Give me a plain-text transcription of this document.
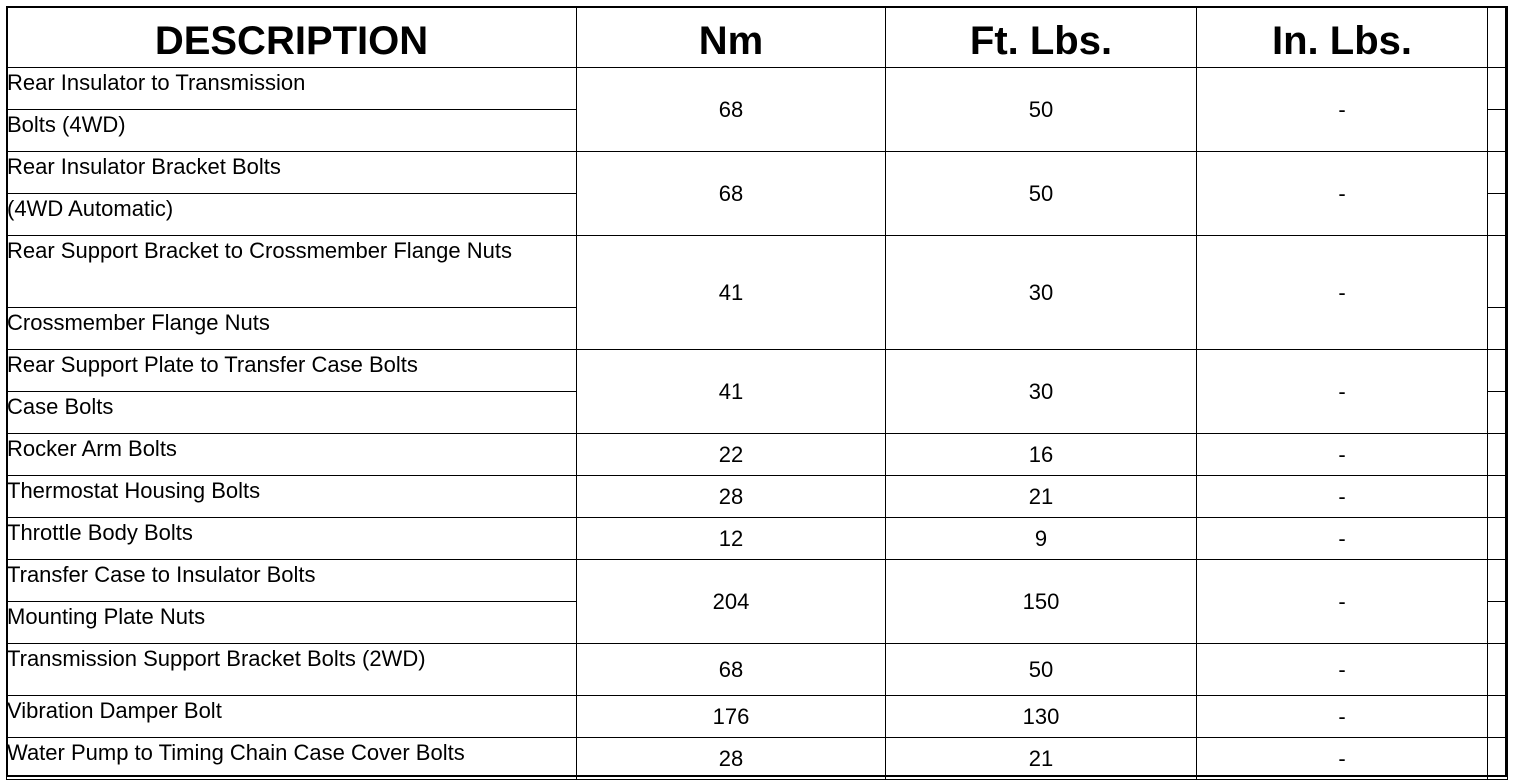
DESCRIPTION	Nm	Ft. Lbs.	In. Lbs.	
Rear Insulator to Transmission	68	50	-	
Bolts (4WD)				
Rear Insulator Bracket Bolts	68	50	-	
(4WD Automatic)				
Rear Support Bracket to Crossmember Flange Nuts	41	30	-	
Crossmember Flange Nuts				
Rear Support Plate to Transfer Case Bolts	41	30	-	
Case Bolts				
Rocker Arm Bolts	22	16	-	
Thermostat Housing Bolts	28	21	-	
Throttle Body Bolts	12	9	-	
Transfer Case to Insulator Bolts	204	150	-	
Mounting Plate Nuts				
Transmission Support Bracket Bolts (2WD)	68	50	-	
Vibration Damper Bolt	176	130	-	
Water Pump to Timing Chain Case Cover Bolts	28	21	-	
